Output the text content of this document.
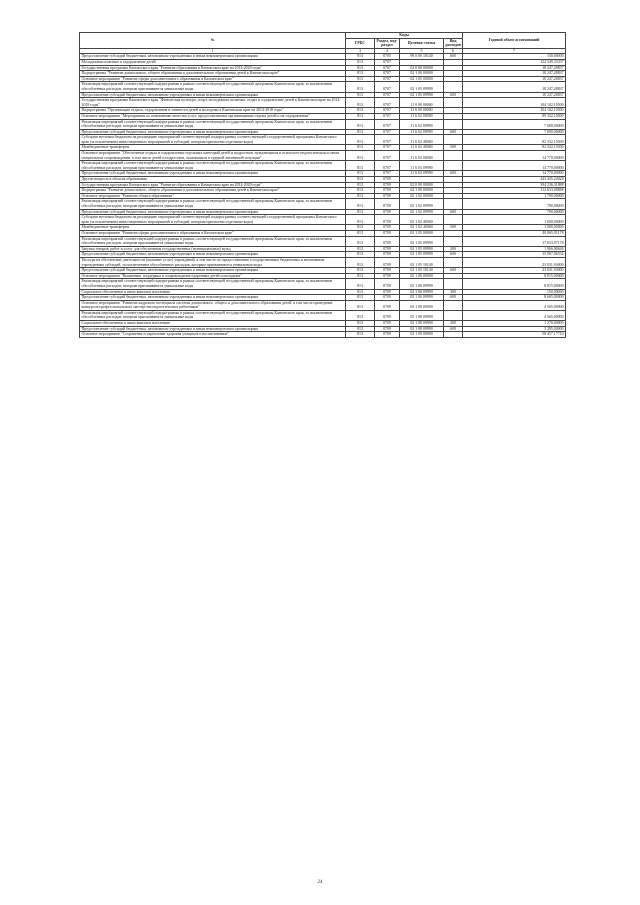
№	Коды				Годовой объем ассигнований
	ГРБС	Раздел, под-раздел	Целевая статья	Вид расходов	
1	3	4	5	6	7
Предоставление субсидий бюджетным, автономным учреждениям и иным некоммерческим организациям	813	0705	99 0 00 10140	600	150,00000
Молодежная политика и оздоровление детей	813	0707			122 349,33337
Государственная программа Камчатского края "Развитие образования в Камчатском крае на 2014-2020 годы"	813	0707	02 0 00 00000		18 247,28837
Подпрограмма "Развитие дошкольного, общего образования и дополнительного образования детей в Камчатском крае"	813	0707	02 1 00 00000		18 247,28837
Основное мероприятие "Развитие сферы дополнительного образования в Камчатском крае"	813	0707	02 1 05 00000		18 247,28837
Реализация мероприятий соответствующей подпрограммы в рамках соответствующей государственной программы Камчатского края, за исключением обособленных расходов, которым присваиваются уникальные коды	813	0707	02 1 05 09990		18 247,28837
Предоставление субсидий бюджетным, автономным учреждениям и иным некоммерческим организациям	813	0707	02 1 05 09990	600	18 247,28837
Государственная программа Камчатского края "Физическая культура, спорт, молодежная политика, отдых и оздоровление детей в Камчатском крае на 2014-2018 годы"	813	0707	11 0 00 00000		104 102,10500
Подпрограмма "Организация отдыха, оздоровления и занятости детей и молодежи в Камчатском крае на 2014-2018 годы"	813	0707	11 6 00 00000		104 102,10500
Основное мероприятие "Мероприятия по повышению качества услуг, предоставляемых организациями отдыха детей и их оздоровления"	813	0707	11 6 02 00000		89 332,10500
Реализация мероприятий соответствующей подпрограммы в рамках соответствующей государственной программы Камчатского края, за исключением обособленных расходов, которым присваиваются уникальные коды	813	0707	11 6 02 09990		7 000,00000
Предоставление субсидий бюджетным, автономным учреждениям и иным некоммерческим организациям	813	0707	11 6 02 09990	600	7 000,00000
Субсидии местным бюджетам на реализацию мероприятий соответствующей подпрограммы соответствующей государственной программы Камчатского края (за исключением инвестиционных мероприятий и субсидий, которым присвоены отдельные коды)	813	0707	11 6 02 40060		82 332,10500
Межбюджетные трансферты	813	0707	11 6 02 40060	500	82 332,10500
Основное мероприятие "Обеспечение отдыха и оздоровления отдельных категорий детей и подростков, нуждающихся в психолого-педагогическом и ином специальном сопровождении, в том числе детей и подростков, оказавшихся в трудной жизненной ситуации"	813	0707	11 6 03 00000		14 770,00000
Реализация мероприятий соответствующей подпрограммы в рамках соответствующей государственной программы Камчатского края, за исключением обособленных расходов, которым присваиваются уникальные коды	813	0707	11 6 03 09990		14 770,00000
Предоставление субсидий бюджетным, автономным учреждениям и иным некоммерческим организациям	813	0707	11 6 03 09990	600	14 770,00000
Другие вопросы в области образования	813	0709			443 445,24028
Государственная программа Камчатского края "Развитие образования в Камчатском крае на 2014-2020 годы"	813	0709	02 0 00 00000		394 236,31888
Подпрограмма "Развитие дошкольного, общего образования и дополнительного образования детей в Камчатском крае"	813	0709	02 1 00 00000		112 633,08888
Основное мероприятие "Развитие общего образования"	813	0709	02 1 02 00000		1 700,00000
Реализация мероприятий соответствующей подпрограммы в рамках соответствующей государственной программы Камчатского края, за исключением обособленных расходов, которым присваиваются уникальные коды	813	0709	02 1 02 09990		700,00000
Предоставление субсидий бюджетным, автономным учреждениям и иным некоммерческим организациям	813	0709	02 1 02 09990	600	700,00000
Субсидии местным бюджетам на реализацию мероприятий соответствующей подпрограммы соответствующей государственной программы Камчатского края (за исключением инвестиционных мероприятий и субсидий, которым присвоены отдельные коды)	813	0709	02 1 02 40060		1 000,00000
Межбюджетные трансферты	813	0709	02 1 02 40060	500	1 000,00000
Основное мероприятие "Развитие сферы дополнительного образования в Камчатском крае"	813	0709	02 1 05 00000		40 065,91178
Реализация мероприятий соответствующей подпрограммы в рамках соответствующей государственной программы Камчатского края, за исключением обособленных расходов, которым присваиваются уникальные коды	813	0709	02 1 05 09990		17 033,97178
Закупка товаров, работ и услуг для обеспечения государственных (муниципальных) нужд	813	0709	02 1 05 09990	200	1 966,90646
Предоставление субсидий бюджетным, автономным учреждениям и иным некоммерческим организациям	813	0709	02 1 05 09990	600	15 067,06532
Расходы на обеспечение деятельности (оказание услуг) учреждений, в том числе по предоставлению государственным бюджетным и автономным учреждениям субсидий, за исключением обособленных расходов, которым присваиваются уникальные коды	813	0709	02 1 05 10140		23 031,94000
Предоставление субсидий бюджетным, автономным учреждениям и иным некоммерческим организациям	813	0709	02 1 05 10140	600	23 031,94000
Основное мероприятие "Выявление, поддержка и сопровождение одаренных детей и молодежи"	813	0709	02 1 06 00000		8 815,00000
Реализация мероприятий соответствующей подпрограммы в рамках соответствующей государственной программы Камчатского края, за исключением обособленных расходов, которым присваиваются уникальные коды	813	0709	02 1 06 09990		8 815,00000
Социальное обеспечение и иные выплаты населению	813	0709	02 1 06 09990	300	150,00000
Предоставление субсидий бюджетным, автономным учреждениям и иным некоммерческим организациям	813	0709	02 1 06 09990	600	8 665,00000
Основное мероприятие "Развитие кадрового потенциала системы дошкольного, общего и дополнительного образования детей, в том числе проведение конкурсов профессионального мастерства педагогических работников"	813	0709	02 1 08 00000		4 565,00000
Реализация мероприятий соответствующей подпрограммы в рамках соответствующей государственной программы Камчатского края, за исключением обособленных расходов, которым присваиваются уникальные коды	813	0709	02 1 08 09990		4 565,00000
Социальное обеспечение и иные выплаты населению	813	0709	02 1 08 09990	300	1 270,00000
Предоставление субсидий бюджетным, автономным учреждениям и иным некоммерческим организациям	813	0709	02 1 08 09990	600	3 295,00000
Основное мероприятие "Сохранение и укрепление здоровья учащихся и воспитанников"	813	0709	02 1 09 00000		58 457,17710
24
